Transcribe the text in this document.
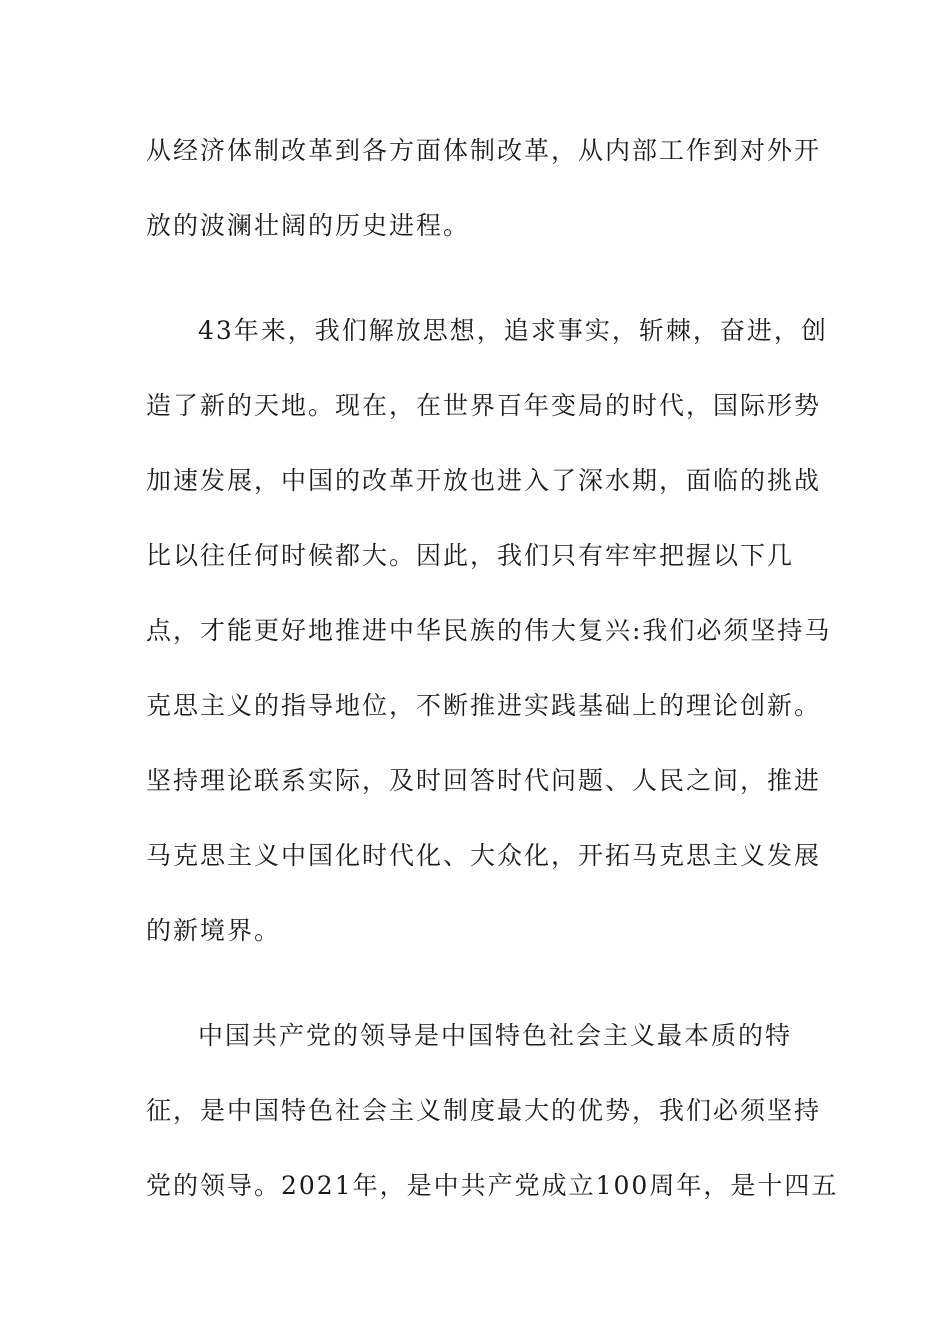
从经济体制改革到各方面体制改革，从内部工作到对外开

放的波澜壮阔的历史进程。

43年来，我们解放思想，追求事实，斩棘，奋进，创

造了新的天地。现在，在世界百年变局的时代，国际形势

加速发展，中国的改革开放也进入了深水期，面临的挑战

比以往任何时候都大。因此，我们只有牢牢把握以下几

点，才能更好地推进中华民族的伟大复兴:我们必须坚持马

克思主义的指导地位，不断推进实践基础上的理论创新。

坚持理论联系实际，及时回答时代问题、人民之间，推进

马克思主义中国化时代化、大众化，开拓马克思主义发展

的新境界。

中国共产党的领导是中国特色社会主义最本质的特

征，是中国特色社会主义制度最大的优势，我们必须坚持

党的领导。2021年，是中共产党成立100周年，是十四五
